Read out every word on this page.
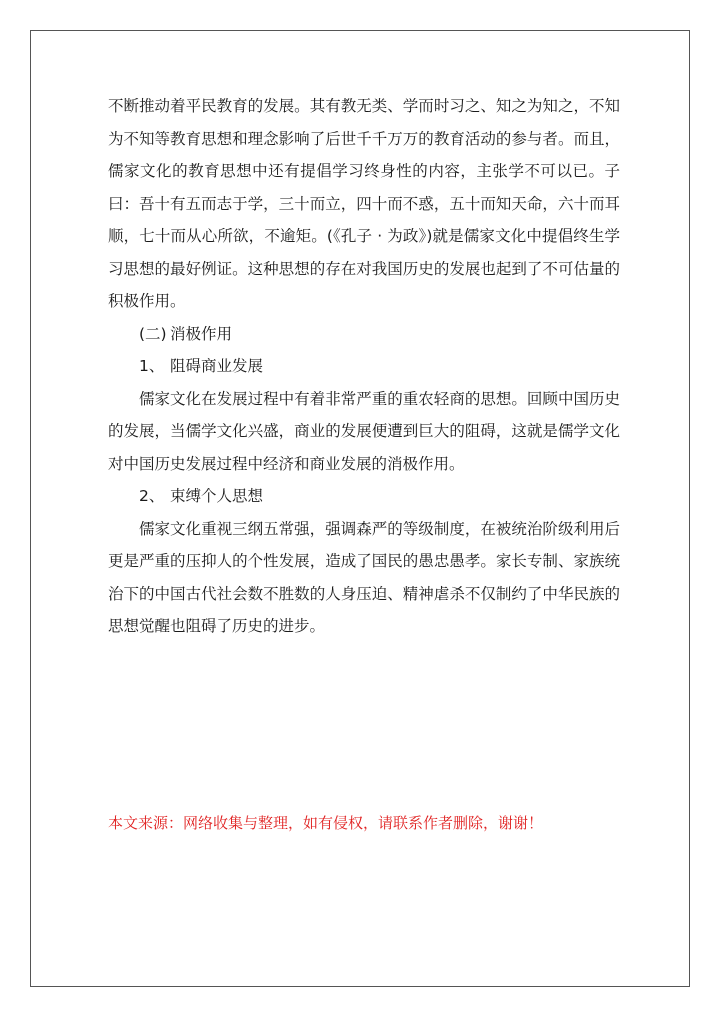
不断推动着平民教育的发展。其有教无类、学而时习之、知之为知之，不知为不知等教育思想和理念影响了后世千千万万的教育活动的参与者。而且，儒家文化的教育思想中还有提倡学习终身性的内容，主张学不可以已。子曰：吾十有五而志于学，三十而立，四十而不惑，五十而知天命，六十而耳顺，七十而从心所欲，不逾矩。(《孔子 · 为政》)就是儒家文化中提倡终生学习思想的最好例证。这种思想的存在对我国历史的发展也起到了不可估量的积极作用。

(二) 消极作用

1、 阻碍商业发展

儒家文化在发展过程中有着非常严重的重农轻商的思想。回顾中国历史的发展，当儒学文化兴盛，商业的发展便遭到巨大的阻碍，这就是儒学文化对中国历史发展过程中经济和商业发展的消极作用。

2、 束缚个人思想

儒家文化重视三纲五常强，强调森严的等级制度，在被统治阶级利用后更是严重的压抑人的个性发展，造成了国民的愚忠愚孝。家长专制、家族统治下的中国古代社会数不胜数的人身压迫、精神虐杀不仅制约了中华民族的思想觉醒也阻碍了历史的进步。

本文来源：网络收集与整理，如有侵权，请联系作者删除，谢谢！
